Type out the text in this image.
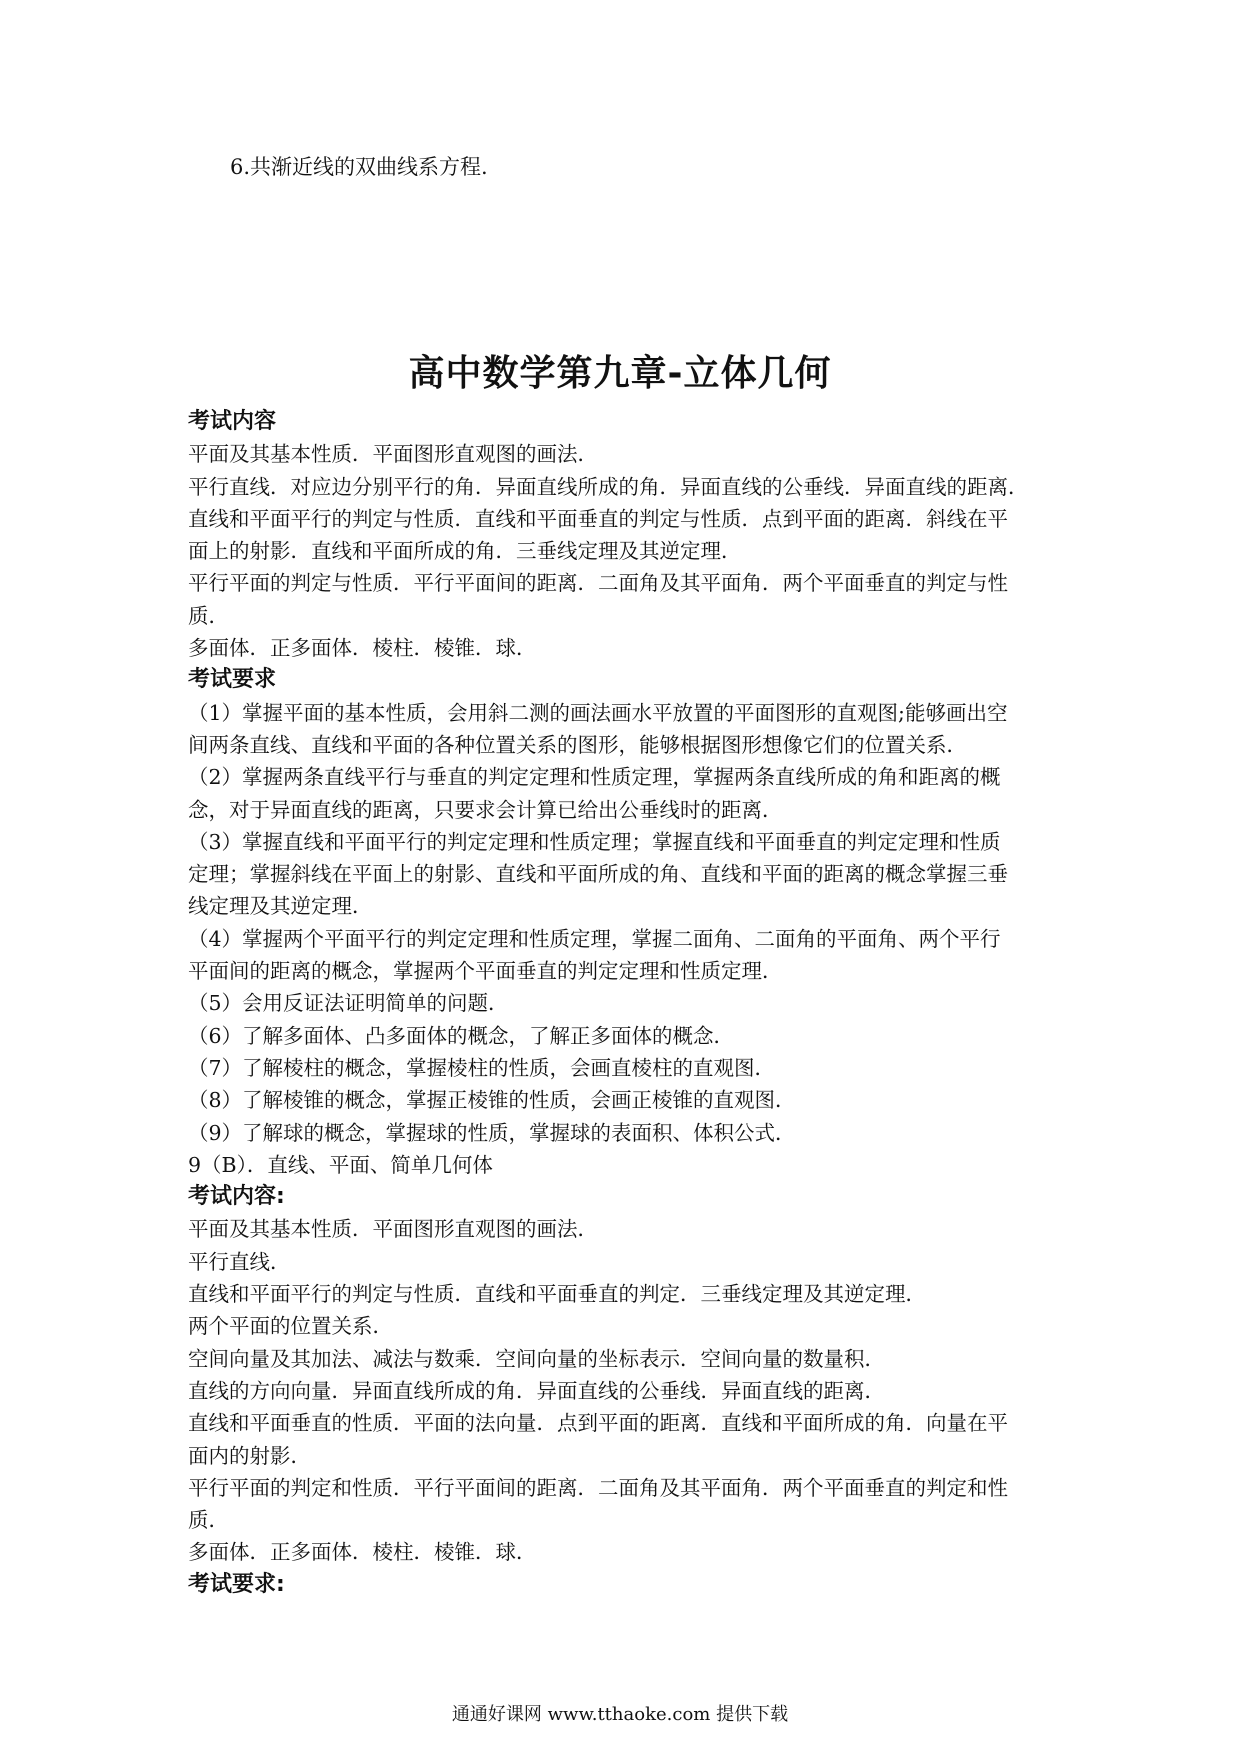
6.共渐近线的双曲线系方程.
高中数学第九章-立体几何
考试内容
平面及其基本性质．平面图形直观图的画法．
平行直线．对应边分别平行的角．异面直线所成的角．异面直线的公垂线．异面直线的距离．
直线和平面平行的判定与性质．直线和平面垂直的判定与性质．点到平面的距离．斜线在平
面上的射影．直线和平面所成的角．三垂线定理及其逆定理．
平行平面的判定与性质．平行平面间的距离．二面角及其平面角．两个平面垂直的判定与性
质．
多面体．正多面体．棱柱．棱锥．球．
考试要求
（1）掌握平面的基本性质，会用斜二测的画法画水平放置的平面图形的直观图;能够画出空
间两条直线、直线和平面的各种位置关系的图形，能够根据图形想像它们的位置关系．
（2）掌握两条直线平行与垂直的判定定理和性质定理，掌握两条直线所成的角和距离的概
念，对于异面直线的距离，只要求会计算已给出公垂线时的距离．
（3）掌握直线和平面平行的判定定理和性质定理；掌握直线和平面垂直的判定定理和性质
定理；掌握斜线在平面上的射影、直线和平面所成的角、直线和平面的距离的概念掌握三垂
线定理及其逆定理．
（4）掌握两个平面平行的判定定理和性质定理，掌握二面角、二面角的平面角、两个平行
平面间的距离的概念，掌握两个平面垂直的判定定理和性质定理．
（5）会用反证法证明简单的问题．
（6）了解多面体、凸多面体的概念，了解正多面体的概念．
（7）了解棱柱的概念，掌握棱柱的性质，会画直棱柱的直观图．
（8）了解棱锥的概念，掌握正棱锥的性质，会画正棱锥的直观图．
（9）了解球的概念，掌握球的性质，掌握球的表面积、体积公式．
9（B）．直线、平面、简单几何体
考试内容:
平面及其基本性质．平面图形直观图的画法．
平行直线．
直线和平面平行的判定与性质．直线和平面垂直的判定．三垂线定理及其逆定理．
两个平面的位置关系．
空间向量及其加法、减法与数乘．空间向量的坐标表示．空间向量的数量积．
直线的方向向量．异面直线所成的角．异面直线的公垂线．异面直线的距离．
直线和平面垂直的性质．平面的法向量．点到平面的距离．直线和平面所成的角．向量在平
面内的射影．
平行平面的判定和性质．平行平面间的距离．二面角及其平面角．两个平面垂直的判定和性
质．
多面体．正多面体．棱柱．棱锥．球．
考试要求:
通通好课网 www.tthaoke.com 提供下载
